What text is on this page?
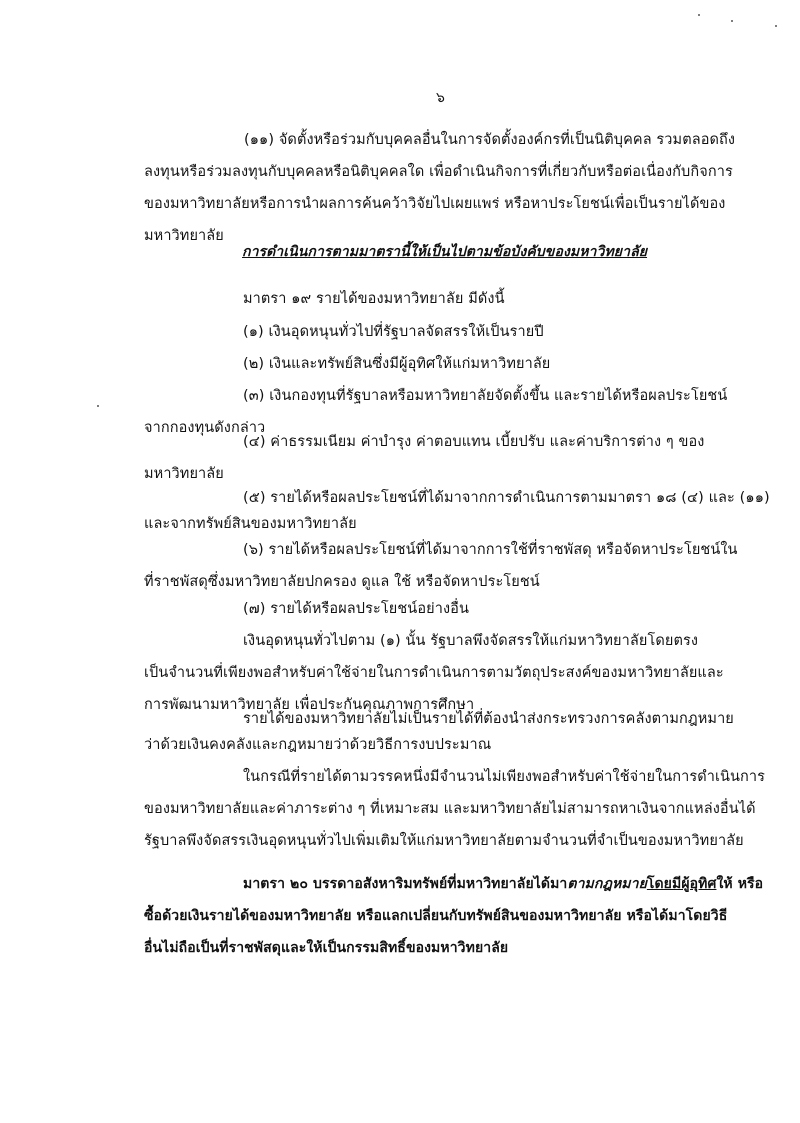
๖
(๑๑) จัดตั้งหรือร่วมกับบุคคลอื่นในการจัดตั้งองค์กรที่เป็นนิติบุคคล รวมตลอดถึง
ลงทุนหรือร่วมลงทุนกับบุคคลหรือนิติบุคคลใด เพื่อดำเนินกิจการที่เกี่ยวกับหรือต่อเนื่องกับกิจการ
ของมหาวิทยาลัยหรือการนำผลการค้นคว้าวิจัยไปเผยแพร่ หรือหาประโยชน์เพื่อเป็นรายได้ของ
มหาวิทยาลัย
การดำเนินการตามมาตรานี้ให้เป็นไปตามข้อบังคับของมหาวิทยาลัย
มาตรา ๑๙ รายได้ของมหาวิทยาลัย มีดังนี้
(๑) เงินอุดหนุนทั่วไปที่รัฐบาลจัดสรรให้เป็นรายปี
(๒) เงินและทรัพย์สินซึ่งมีผู้อุทิศให้แก่มหาวิทยาลัย
(๓) เงินกองทุนที่รัฐบาลหรือมหาวิทยาลัยจัดตั้งขึ้น และรายได้หรือผลประโยชน์
จากกองทุนดังกล่าว
(๔) ค่าธรรมเนียม ค่าบำรุง ค่าตอบแทน เบี้ยปรับ และค่าบริการต่าง ๆ ของ
มหาวิทยาลัย
(๕) รายได้หรือผลประโยชน์ที่ได้มาจากการดำเนินการตามมาตรา ๑๘ (๔) และ (๑๑)
และจากทรัพย์สินของมหาวิทยาลัย
(๖) รายได้หรือผลประโยชน์ที่ได้มาจากการใช้ที่ราชพัสดุ หรือจัดหาประโยชน์ใน
ที่ราชพัสดุซึ่งมหาวิทยาลัยปกครอง ดูแล ใช้ หรือจัดหาประโยชน์
(๗) รายได้หรือผลประโยชน์อย่างอื่น
เงินอุดหนุนทั่วไปตาม (๑) นั้น รัฐบาลพึงจัดสรรให้แก่มหาวิทยาลัยโดยตรง
เป็นจำนวนที่เพียงพอสำหรับค่าใช้จ่ายในการดำเนินการตามวัตถุประสงค์ของมหาวิทยาลัยและ
การพัฒนามหาวิทยาลัย เพื่อประกันคุณภาพการศึกษา
รายได้ของมหาวิทยาลัยไม่เป็นรายได้ที่ต้องนำส่งกระทรวงการคลังตามกฎหมาย
ว่าด้วยเงินคงคลังและกฎหมายว่าด้วยวิธีการงบประมาณ
ในกรณีที่รายได้ตามวรรคหนึ่งมีจำนวนไม่เพียงพอสำหรับค่าใช้จ่ายในการดำเนินการ
ของมหาวิทยาลัยและค่าภาระต่าง ๆ ที่เหมาะสม และมหาวิทยาลัยไม่สามารถหาเงินจากแหล่งอื่นได้
รัฐบาลพึงจัดสรรเงินอุดหนุนทั่วไปเพิ่มเติมให้แก่มหาวิทยาลัยตามจำนวนที่จำเป็นของมหาวิทยาลัย
มาตรา ๒๐ บรรดาอสังหาริมทรัพย์ที่มหาวิทยาลัยได้มาตามกฎหมายโดยมีผู้อุทิศให้ หรือ
ซื้อด้วยเงินรายได้ของมหาวิทยาลัย หรือแลกเปลี่ยนกับทรัพย์สินของมหาวิทยาลัย หรือได้มาโดยวิธี
อื่นไม่ถือเป็นที่ราชพัสดุและให้เป็นกรรมสิทธิ์ของมหาวิทยาลัย
